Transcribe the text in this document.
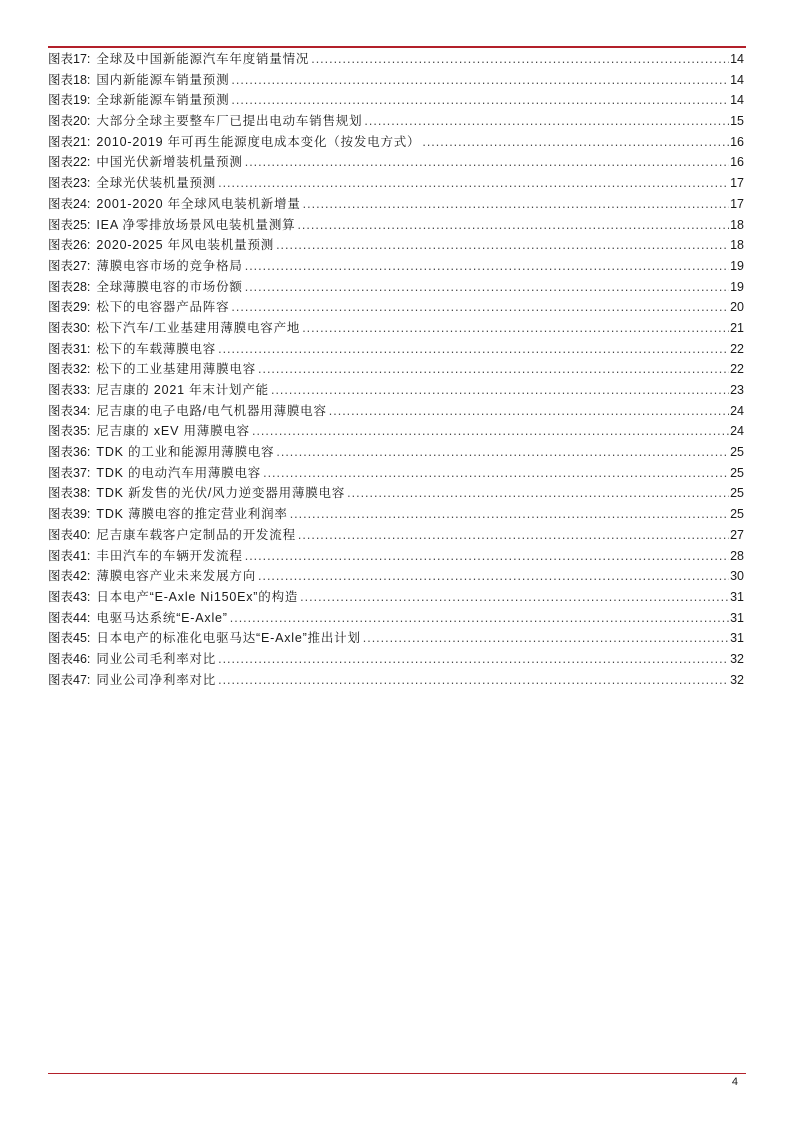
图表 17 : 全球及中国新能源汽车年度销量情况 .....	14
图表 18 : 国内新能源车销量预测 .....	14
图表 19 : 全球新能源车销量预测 .....	14
图表 20 : 大部分全球主要整车厂已提出电动车销售规划 .....	15
图表 21 : 2010-2019 年可再生能源度电成本变化（按发电方式） .....	16
图表 22 : 中国光伏新增装机量预测 .....	16
图表 23 : 全球光伏装机量预测 .....	17
图表 24 : 2001-2020 年全球风电装机新增量 .....	17
图表 25 : IEA 净零排放场景风电装机量测算 .....	18
图表 26 : 2020-2025 年风电装机量预测 .....	18
图表 27 : 薄膜电容市场的竞争格局 .....	19
图表 28 : 全球薄膜电容的市场份额 .....	19
图表 29 : 松下的电容器产品阵容 .....	20
图表 30 : 松下汽车/工业基建用薄膜电容产地 .....	21
图表 31 : 松下的车载薄膜电容 .....	22
图表 32 : 松下的工业基建用薄膜电容 .....	22
图表 33 : 尼吉康的 2021 年末计划产能 .....	23
图表 34 : 尼吉康的电子电路/电气机器用薄膜电容 .....	24
图表 35 : 尼吉康的 xEV 用薄膜电容 .....	24
图表 36 : TDK 的工业和能源用薄膜电容 .....	25
图表 37 : TDK 的电动汽车用薄膜电容 .....	25
图表 38 : TDK 新发售的光伏/风力逆变器用薄膜电容 .....	25
图表 39 : TDK 薄膜电容的推定营业利润率 .....	25
图表 40 : 尼吉康车载客户定制品的开发流程 .....	27
图表 41 : 丰田汽车的车辆开发流程 .....	28
图表 42 : 薄膜电容产业未来发展方向 .....	30
图表 43 : 日本电产“E-Axle Ni150Ex”的构造 .....	31
图表 44 : 电驱马达系统“E-Axle” .....	31
图表 45 : 日本电产的标准化电驱马达“E-Axle”推出计划 .....	31
图表 46 : 同业公司毛利率对比 .....	32
图表 47 : 同业公司净利率对比 .....	32
4
